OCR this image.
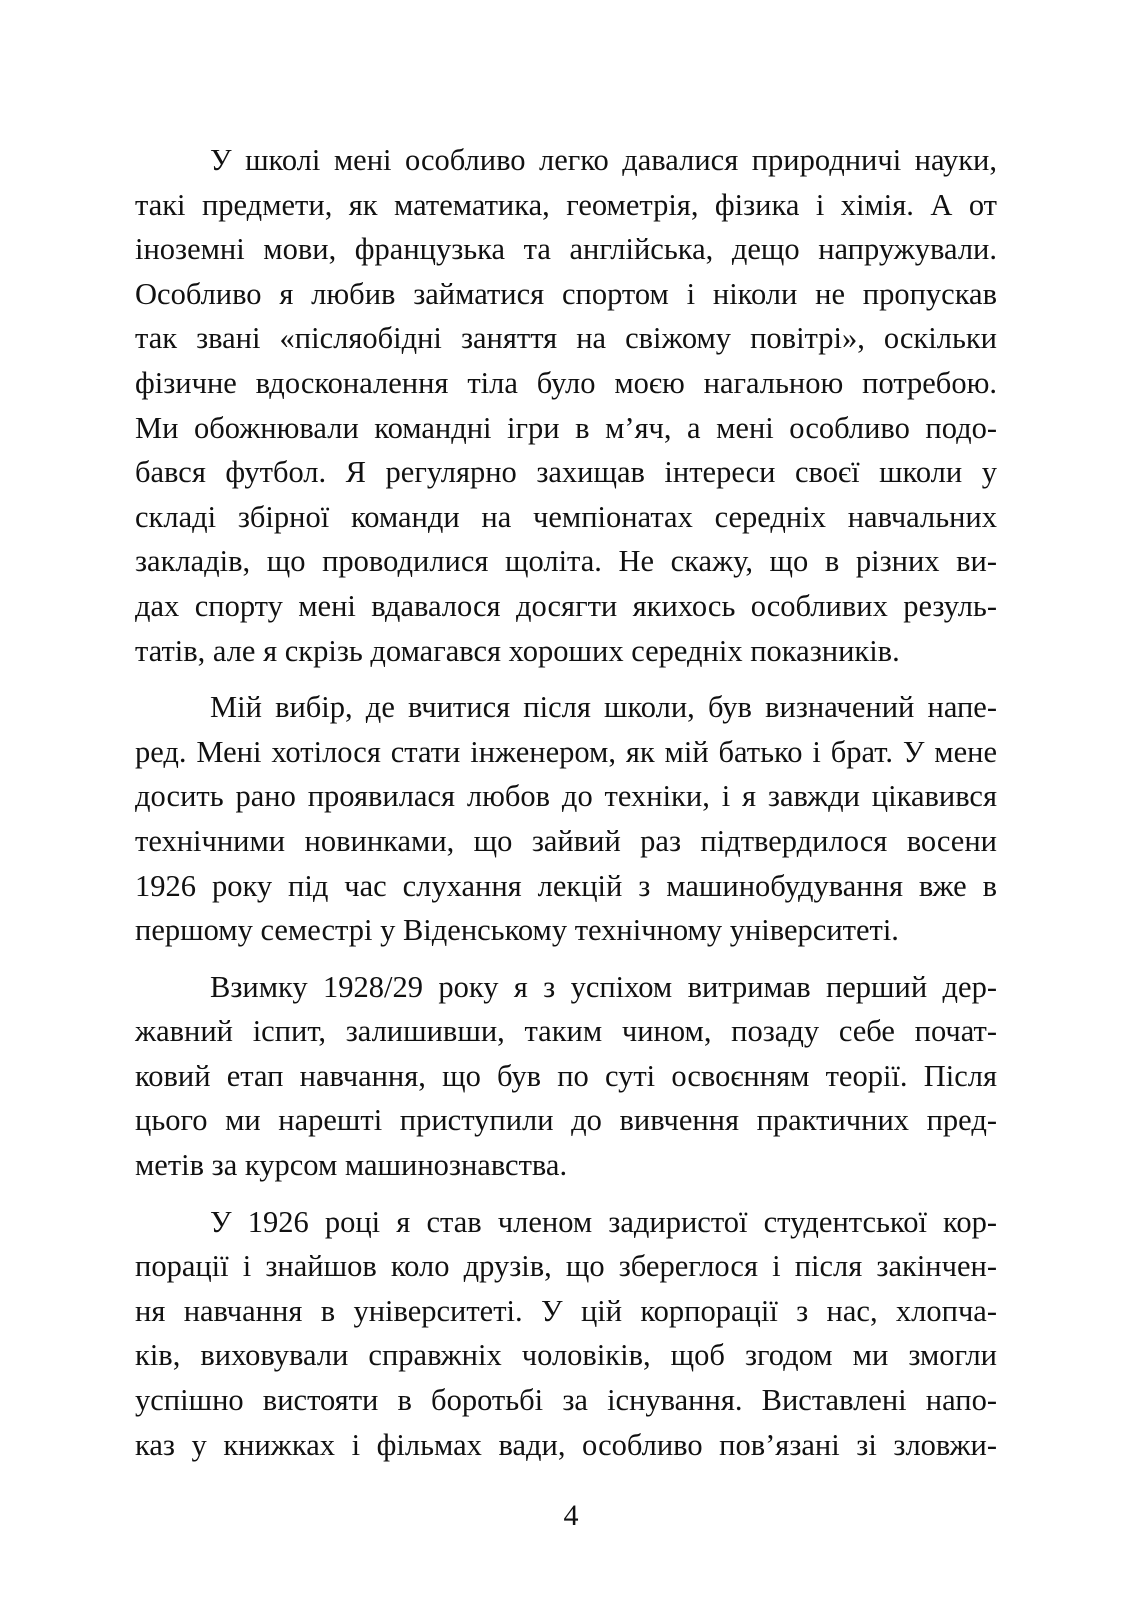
У школі мені особливо легко давалися природничі науки,
такі предмети, як математика, геометрія, фізика і хімія. А от
іноземні мови, французька та англійська, дещо напружували.
Особливо я любив займатися спортом і ніколи не пропускав
так звані «післяобідні заняття на свіжому повітрі», оскільки
фізичне вдосконалення тіла було моєю нагальною потребою.
Ми обожнювали командні ігри в м’яч, а мені особливо подо-
бався футбол. Я регулярно захищав інтереси своєї школи у
складі збірної команди на чемпіонатах середніх навчальних
закладів, що проводилися щоліта. Не скажу, що в різних ви-
дах спорту мені вдавалося досягти якихось особливих резуль-
татів, але я скрізь домагався хороших середніх показників.

Мій вибір, де вчитися після школи, був визначений напе-
ред. Мені хотілося стати інженером, як мій батько і брат. У мене
досить рано проявилася любов до техніки, і я завжди цікавився
технічними новинками, що зайвий раз підтвердилося восени
1926 року під час слухання лекцій з машинобудування вже в
першому семестрі у Віденському технічному університеті.

Взимку 1928/29 року я з успіхом витримав перший дер-
жавний іспит, залишивши, таким чином, позаду себе почат-
ковий етап навчання, що був по суті освоєнням теорії. Після
цього ми нарешті приступили до вивчення практичних пред-
метів за курсом машинознавства.

У 1926 році я став членом задиристої студентської кор-
порації і знайшов коло друзів, що збереглося і після закінчен-
ня навчання в університеті. У цій корпорації з нас, хлопча-
ків, виховували справжніх чоловіків, щоб згодом ми змогли
успішно вистояти в боротьбі за існування. Виставлені напо-
каз у книжках і фільмах вади, особливо пов’язані зі зловжи-

4
